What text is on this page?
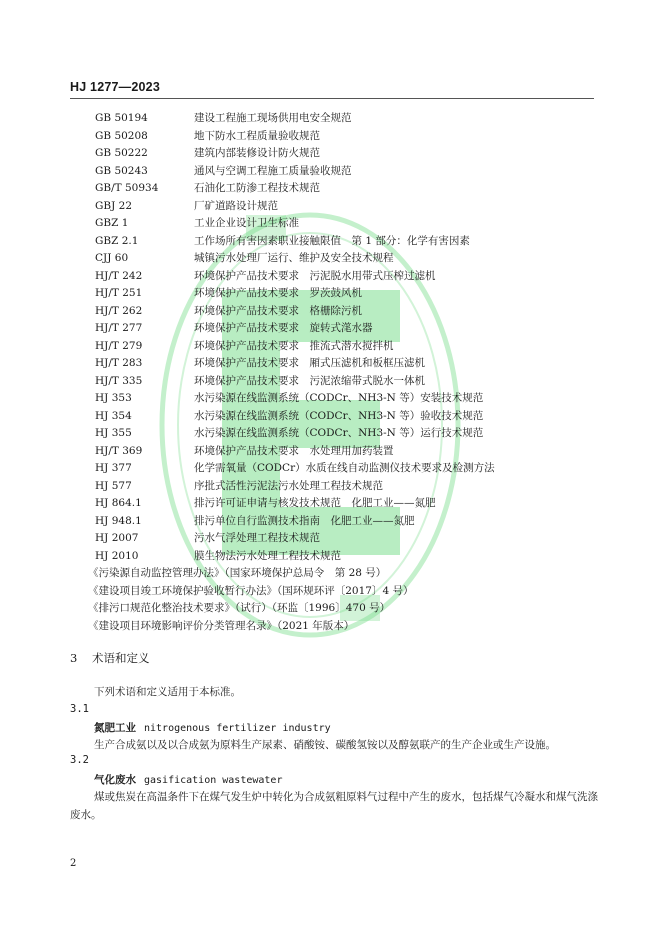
HJ 1277—2023
GB 50194	建设工程施工现场供用电安全规范
GB 50208	地下防水工程质量验收规范
GB 50222	建筑内部装修设计防火规范
GB 50243	通风与空调工程施工质量验收规范
GB/T 50934	石油化工防渗工程技术规范
GBJ 22	厂矿道路设计规范
GBZ 1	工业企业设计卫生标准
GBZ 2.1	工作场所有害因素职业接触限值　第 1 部分：化学有害因素
CJJ 60	城镇污水处理厂运行、维护及安全技术规程
HJ/T 242	环境保护产品技术要求　污泥脱水用带式压榨过滤机
HJ/T 251	环境保护产品技术要求　罗茨鼓风机
HJ/T 262	环境保护产品技术要求　格栅除污机
HJ/T 277	环境保护产品技术要求　旋转式滗水器
HJ/T 279	环境保护产品技术要求　推流式潜水搅拌机
HJ/T 283	环境保护产品技术要求　厢式压滤机和板框压滤机
HJ/T 335	环境保护产品技术要求　污泥浓缩带式脱水一体机
HJ 353	水污染源在线监测系统（CODCr、NH3-N 等）安装技术规范
HJ 354	水污染源在线监测系统（CODCr、NH3-N 等）验收技术规范
HJ 355	水污染源在线监测系统（CODCr、NH3-N 等）运行技术规范
HJ/T 369	环境保护产品技术要求　水处理用加药装置
HJ 377	化学需氧量（CODCr）水质在线自动监测仪技术要求及检测方法
HJ 577	序批式活性污泥法污水处理工程技术规范
HJ 864.1	排污许可证申请与核发技术规范　化肥工业——氮肥
HJ 948.1	排污单位自行监测技术指南　化肥工业——氮肥
HJ 2007	污水气浮处理工程技术规范
HJ 2010	膜生物法污水处理工程技术规范
《污染源自动监控管理办法》（国家环境保护总局令　第 28 号）
《建设项目竣工环境保护验收暂行办法》（国环规环评〔2017〕4 号）
《排污口规范化整治技术要求》（试行）（环监〔1996〕470 号）
《建设项目环境影响评价分类管理名录》（2021 年版本）
3 术语和定义
下列术语和定义适用于本标准。
3.1
氮肥工业 nitrogenous fertilizer industry
生产合成氨以及以合成氨为原料生产尿素、硝酸铵、碳酸氢铵以及醇氨联产的生产企业或生产设施。
3.2
气化废水 gasification wastewater
煤或焦炭在高温条件下在煤气发生炉中转化为合成氨粗原料气过程中产生的废水，包括煤气冷凝水和煤气洗涤废水。
2
